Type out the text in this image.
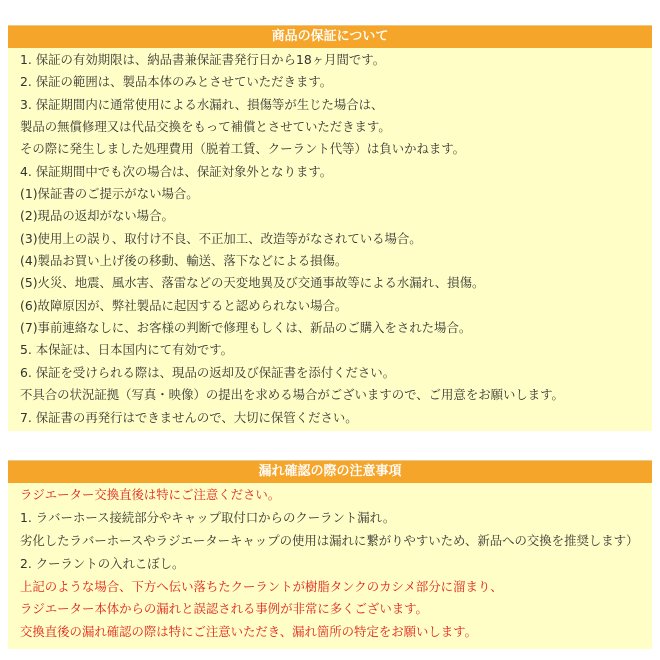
商品の保証について
1. 保証の有効期限は、納品書兼保証書発行日から18ヶ月間です。
2. 保証の範囲は、製品本体のみとさせていただきます。
3. 保証期間内に通常使用による水漏れ、損傷等が生じた場合は、
製品の無償修理又は代品交換をもって補償とさせていただきます。
その際に発生しました処理費用（脱着工賃、クーラント代等）は負いかねます。
4. 保証期間中でも次の場合は、保証対象外となります。
(1)保証書のご提示がない場合。
(2)現品の返却がない場合。
(3)使用上の誤り、取付け不良、不正加工、改造等がなされている場合。
(4)製品お買い上げ後の移動、輸送、落下などによる損傷。
(5)火災、地震、風水害、落雷などの天変地異及び交通事故等による水漏れ、損傷。
(6)故障原因が、弊社製品に起因すると認められない場合。
(7)事前連絡なしに、お客様の判断で修理もしくは、新品のご購入をされた場合。
5. 本保証は、日本国内にて有効です。
6. 保証を受けられる際は、現品の返却及び保証書を添付ください。
不具合の状況証拠（写真・映像）の提出を求める場合がございますので、ご用意をお願いします。
7. 保証書の再発行はできませんので、大切に保管ください。
漏れ確認の際の注意事項
ラジエーター交換直後は特にご注意ください。
1. ラバーホース接続部分やキャップ取付口からのクーラント漏れ。
劣化したラバーホースやラジエーターキャップの使用は漏れに繋がりやすいため、新品への交換を推奨します）
2. クーラントの入れこぼし。
上記のような場合、下方へ伝い落ちたクーラントが樹脂タンクのカシメ部分に溜まり、
ラジエーター本体からの漏れと誤認される事例が非常に多くございます。
交換直後の漏れ確認の際は特にご注意いただき、漏れ箇所の特定をお願いします。
